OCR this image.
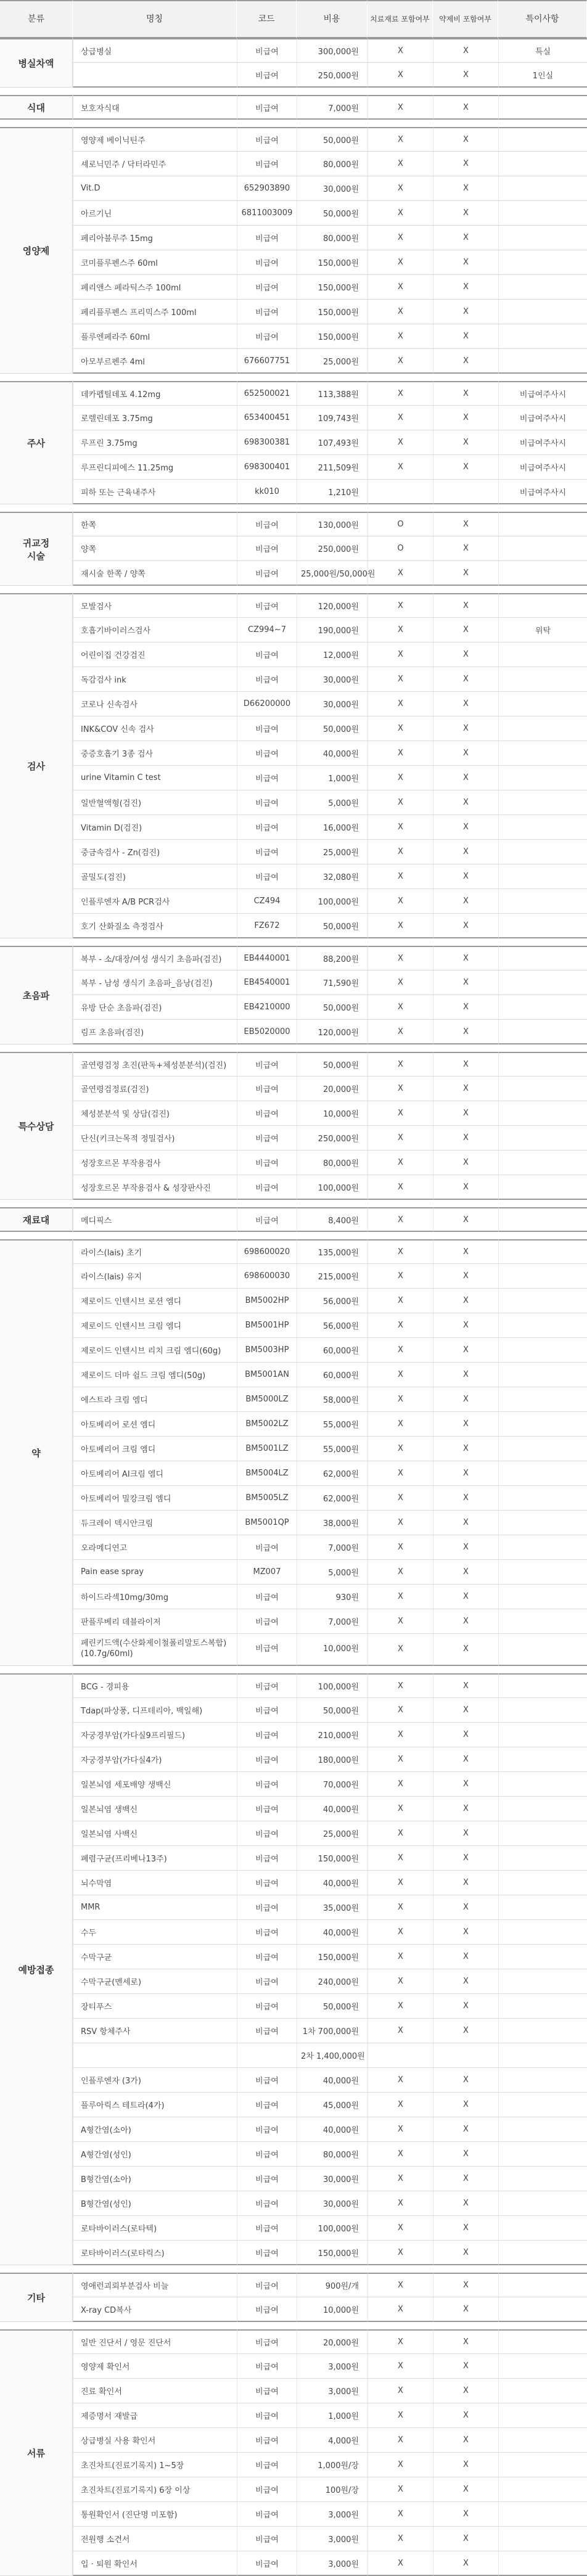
분류	명칭	코드	비용	치료재료 포함여부	약제비 포함여부	특이사항
병실차액	상급병실	비급여	300,000원	X	X	특실
		비급여	250,000원	X	X	1인실

식대	보호자식대	비급여	7,000원	X	X	

영양제	영양제 베이닉틴주	비급여	50,000원	X	X	
	셰로닉민주 / 닥터라민주	비급여	80,000원	X	X	
	Vit.D	652903890	30,000원	X	X	
	아르기닌	6811003009	50,000원	X	X	
	페리아블루주 15mg	비급여	80,000원	X	X	
	코미플루펜스주 60ml	비급여	150,000원	X	X	
	페리앤스 페라틱스주 100ml	비급여	150,000원	X	X	
	페리플루펜스 프리믹스주 100ml	비급여	150,000원	X	X	
	플루엔페라주 60ml	비급여	150,000원	X	X	
	아모부르펜주 4ml	676607751	25,000원	X	X	

주사	데카펩틸데포 4.12mg	652500021	113,388원	X	X	비급여주사시
	로렐린데포 3.75mg	653400451	109,743원	X	X	비급여주사시
	루프린 3.75mg	698300381	107,493원	X	X	비급여주사시
	루프린디피에스 11.25mg	698300401	211,509원	X	X	비급여주사시
	피하 또는 근육내주사	kk010	1,210원			비급여주사시

귀교정
시술	한쪽	비급여	130,000원	O	X	
	양쪽	비급여	250,000원	O	X	
	재시술 한쪽 / 양쪽	비급여	25,000원/50,000원	X	X	

검사	모발검사	비급여	120,000원	X	X	
	호흡기바이러스검사	CZ994~7	190,000원	X	X	위탁
	어린이집 건강검진	비급여	12,000원	X	X	
	독감검사 ink	비급여	30,000원	X	X	
	코로나 신속검사	D66200000	30,000원	X	X	
	INK&COV 신속 검사	비급여	50,000원	X	X	
	중증호흡기 3종 검사	비급여	40,000원	X	X	
	urine Vitamin C test	비급여	1,000원	X	X	
	일반혈액형(검진)	비급여	5,000원	X	X	
	Vitamin D(검진)	비급여	16,000원	X	X	
	중금속검사 - Zn(검진)	비급여	25,000원	X	X	
	골밀도(검진)	비급여	32,080원	X	X	
	인플루엔자 A/B PCR검사	CZ494	100,000원	X	X	
	호기 산화질소 측정검사	FZ672	50,000원	X	X	

초음파	복부 - 소/대장/여성 생식기 초음파(검진)	EB4440001	88,200원	X	X	
	복부 - 남성 생식기 초음파_음낭(검진)	EB4540001	71,590원	X	X	
	유방 단순 초음파(검진)	EB4210000	50,000원	X	X	
	림프 초음파(검진)	EB5020000	120,000원	X	X	

특수상담	골연령검정 초진(판독+체성분분석)(검진)	비급여	50,000원	X	X	
	골연령검정료(검진)	비급여	20,000원	X	X	
	체성분분석 및 상담(검진)	비급여	10,000원	X	X	
	단신(키크는목적 정밀검사)	비급여	250,000원	X	X	
	성장호르몬 부작용검사	비급여	80,000원	X	X	
	성장호르몬 부작용검사 & 성장판사진	비급여	100,000원	X	X	

재료대	메디픽스	비급여	8,400원	X	X	

약	라이스(lais) 초기	698600020	135,000원	X	X	
	라이스(lais) 유지	698600030	215,000원	X	X	
	제로이드 인텐시브 로션 엠디	BM5002HP	56,000원	X	X	
	제로이드 인텐시브 크림 엠디	BM5001HP	56,000원	X	X	
	제로이드 인텐시브 리치 크림 엠디(60g)	BM5003HP	60,000원	X	X	
	제로이드 더마 쉴드 크림 엠디(50g)	BM5001AN	60,000원	X	X	
	에스트라 크림 엠디	BM5000LZ	58,000원	X	X	
	아토베리어 로션 엠디	BM5002LZ	55,000원	X	X	
	아토베리어 크림 엠디	BM5001LZ	55,000원	X	X	
	아토베리어 AI크림 엠디	BM5004LZ	62,000원	X	X	
	아토베리어 밀캉크림 엠디	BM5005LZ	62,000원	X	X	
	듀크레이 덱시안크림	BM5001QP	38,000원	X	X	
	오라메디연고	비급여	7,000원	X	X	
	Pain ease spray	MZ007	5,000원	X	X	
	하이드라섹10mg/30mg	비급여	930원	X	X	
	판플루베리 데블라이저	비급여	7,000원	X	X	
	페린키드액(수산화제이철폴리말토스복합)
(10.7g/60ml)	비급여	10,000원	X	X	

예방접종	BCG - 경피용	비급여	100,000원	X	X	
	Tdap(파상풍, 디프테리아, 백일해)	비급여	50,000원	X	X	
	자궁경부암(가다실9프리필드)	비급여	210,000원	X	X	
	자궁경부암(가다실4가)	비급여	180,000원	X	X	
	일본뇌염 세포배양 생백신	비급여	70,000원	X	X	
	일본뇌염 생백신	비급여	40,000원	X	X	
	일본뇌염 사백신	비급여	25,000원	X	X	
	폐렴구균(프리베나13주)	비급여	150,000원	X	X	
	뇌수막염	비급여	40,000원	X	X	
	MMR	비급여	35,000원	X	X	
	수두	비급여	40,000원	X	X	
	수막구균	비급여	150,000원	X	X	
	수막구균(멘세로)	비급여	240,000원	X	X	
	장티푸스	비급여	50,000원	X	X	
	RSV 항체주사	비급여	1차 700,000원	X	X	
			2차 1,400,000원			
	인플루엔자 (3가)	비급여	40,000원	X	X	
	플루아릭스 테트라(4가)	비급여	45,000원	X	X	
	A형간염(소아)	비급여	40,000원	X	X	
	A형간염(성인)	비급여	80,000원	X	X	
	B형간염(소아)	비급여	30,000원	X	X	
	B형간염(성인)	비급여	30,000원	X	X	
	로타바이러스(로타텍)	비급여	100,000원	X	X	
	로타바이러스(로타릭스)	비급여	150,000원	X	X	

기타	영애런괴뢰부분검사 비늘	비급여	900원/개	X	X	
	X-ray CD복사	비급여	10,000원	X	X	

서류	일반 진단서 / 영문 진단서	비급여	20,000원	X	X	
	영양제 확인서	비급여	3,000원	X	X	
	진료 확인서	비급여	3,000원	X	X	
	제증명서 재발급	비급여	1,000원	X	X	
	상급병실 사용 확인서	비급여	4,000원	X	X	
	초진차트(진료기록지) 1~5장	비급여	1,000원/장	X	X	
	초진차트(진료기록지) 6장 이상	비급여	100원/장	X	X	
	통원확인서 (진단명 미포함)	비급여	3,000원	X	X	
	전원행 소견서	비급여	3,000원	X	X	
	입 · 퇴원 확인서	비급여	3,000원	X	X	
